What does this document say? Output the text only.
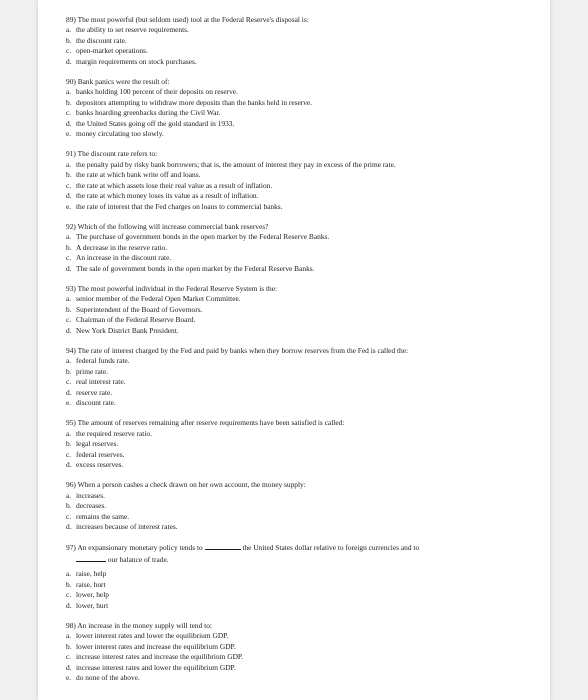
89) The most powerful (but seldom used) tool at the Federal Reserve's disposal is:
a. the ability to set reserve requirements.
b. the discount rate.
c. open-market operations.
d. margin requirements on stock purchases.
90) Bank panics were the result of:
a. banks holding 100 percent of their deposits on reserve.
b. depositors attempting to withdraw more deposits than the banks held in reserve.
c. banks hoarding greenbacks during the Civil War.
d. the United States going off the gold standard in 1933.
e. money circulating too slowly.
91) The discount rate refers to:
a. the penalty paid by risky bank borrowers; that is, the amount of interest they pay in excess of the prime rate.
b. the rate at which bank write off and loans.
c. the rate at which assets lose their real value as a result of inflation.
d. the rate at which money loses its value as a result of inflation.
e. the rate of interest that the Fed charges on loans to commercial banks.
92) Which of the following will increase commercial bank reserves?
a. The purchase of government bonds in the open market by the Federal Reserve Banks.
b. A decrease in the reserve ratio.
c. An increase in the discount rate.
d. The sale of government bonds in the open market by the Federal Reserve Banks.
93) The most powerful individual in the Federal Reserve System is the:
a. senior member of the Federal Open Market Committee.
b. Superintendent of the Board of Governors.
c. Chairman of the Federal Reserve Board.
d. New York District Bank President.
94) The rate of interest charged by the Fed and paid by banks when they borrow reserves from the Fed is called the:
a. federal funds rate.
b. prime rate.
c. real interest rate.
d. reserve rate.
e. discount rate.
95) The amount of reserves remaining after reserve requirements have been satisfied is called:
a. the required reserve ratio.
b. legal reserves.
c. federal reserves.
d. excess reserves.
96) When a person cashes a check drawn on her own account, the money supply:
a. increases.
b. decreases.
c. remains the same.
d. increases because of interest rates.
97) An expansionary monetary policy tends to	the United States dollar relative to foreign currencies and to
our balance of trade.
a. raise, help
b. raise, hurt
c. lower, help
d. lower, hurt
98) An increase in the money supply will tend to:
a. lower interest rates and lower the equilibrium GDP.
b. lower interest rates and increase the equilibrium GDP.
c. increase interest rates and increase the equilibrium GDP.
d. increase interest rates and lower the equilibrium GDP.
e. do none of the above.
